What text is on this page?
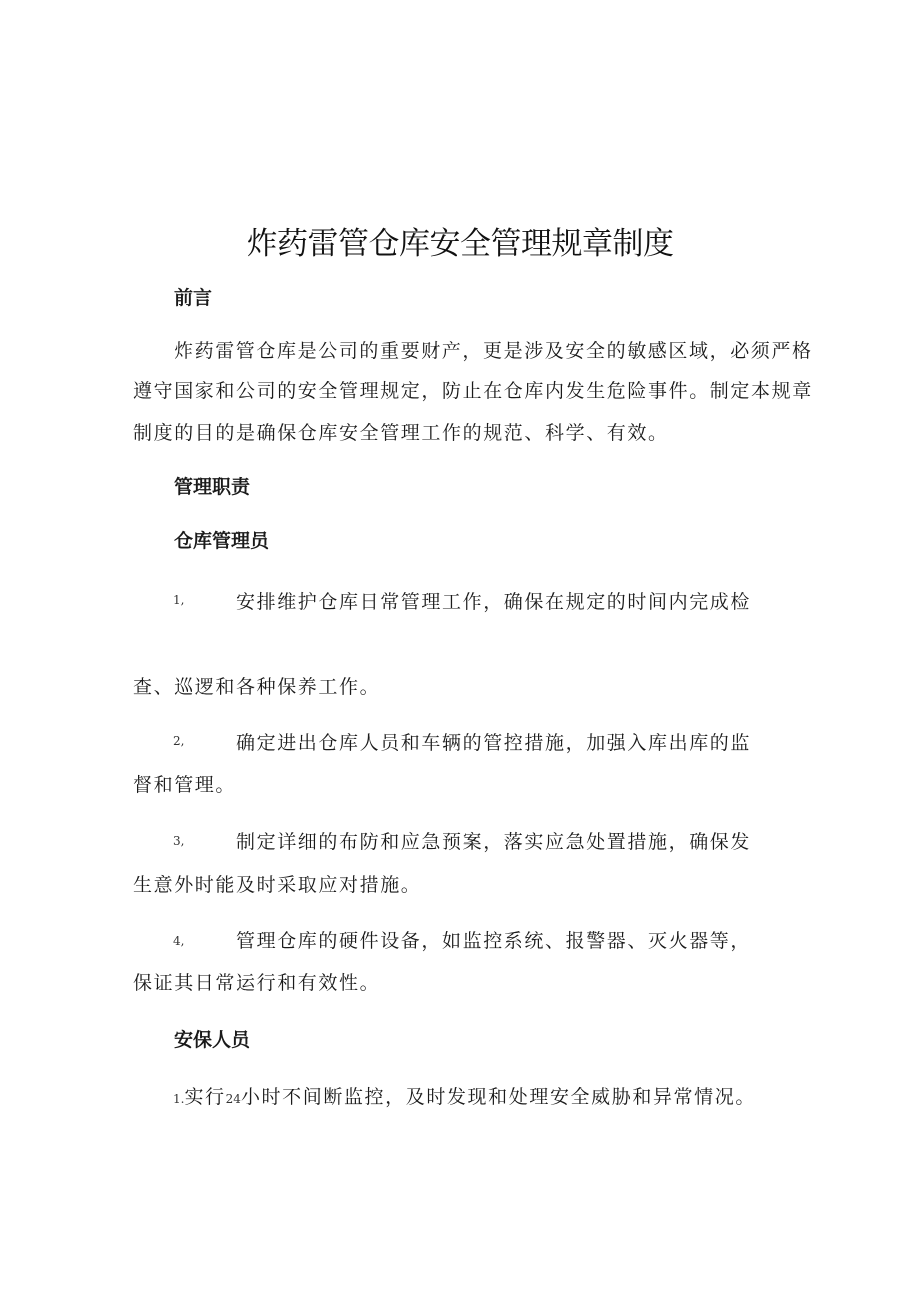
炸药雷管仓库安全管理规章制度
前言
炸药雷管仓库是公司的重要财产，更是涉及安全的敏感区域，必须严格
遵守国家和公司的安全管理规定，防止在仓库内发生危险事件。制定本规章
制度的目的是确保仓库安全管理工作的规范、科学、有效。
管理职责
仓库管理员
1,	安排维护仓库日常管理工作，确保在规定的时间内完成检
查、巡逻和各种保养工作。
2,	确定进出仓库人员和车辆的管控措施，加强入库出库的监
督和管理。
3,	制定详细的布防和应急预案，落实应急处置措施，确保发
生意外时能及时采取应对措施。
4,	管理仓库的硬件设备，如监控系统、报警器、灭火器等，
保证其日常运行和有效性。
安保人员
1.实行24小时不间断监控，及时发现和处理安全威胁和异常情况。
